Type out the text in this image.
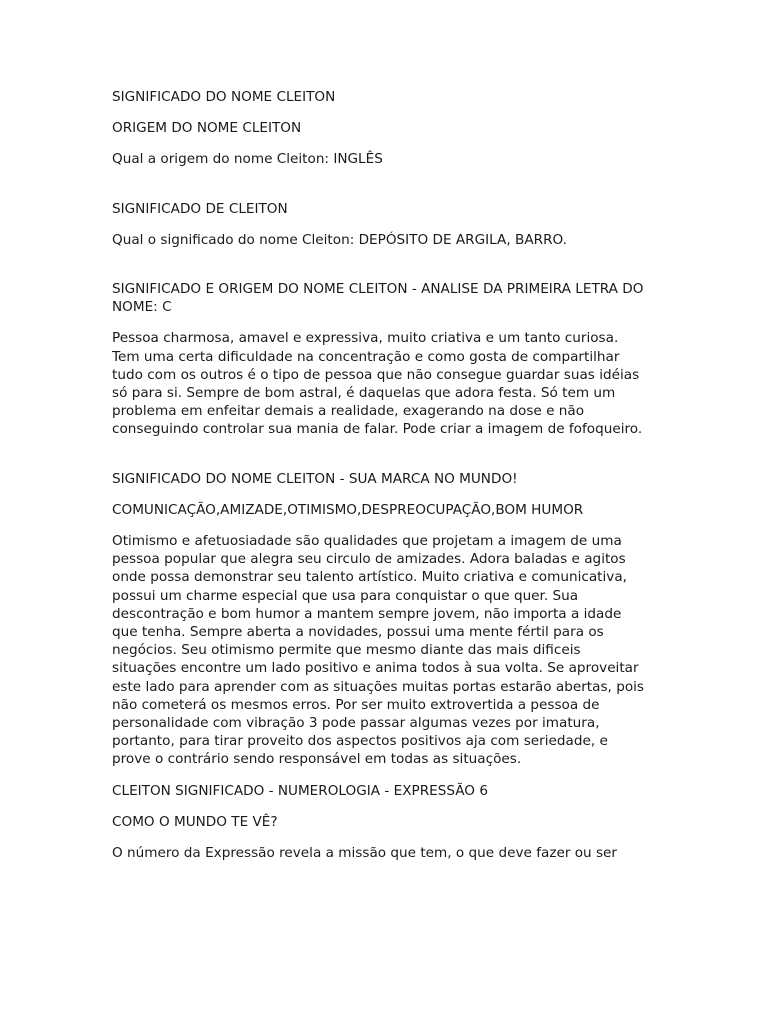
SIGNIFICADO DO NOME CLEITON

ORIGEM DO NOME CLEITON

Qual a origem do nome Cleiton: INGLÊS

SIGNIFICADO DE CLEITON

Qual o significado do nome Cleiton: DEPÓSITO DE ARGILA, BARRO.

SIGNIFICADO E ORIGEM DO NOME CLEITON - ANALISE DA PRIMEIRA LETRA DO
NOME: C

Pessoa charmosa, amavel e expressiva, muito criativa e um tanto curiosa.
Tem uma certa dificuldade na concentração e como gosta de compartilhar
tudo com os outros é o tipo de pessoa que não consegue guardar suas idéias
só para si. Sempre de bom astral, é daquelas que adora festa. Só tem um
problema em enfeitar demais a realidade, exagerando na dose e não
conseguindo controlar sua mania de falar. Pode criar a imagem de fofoqueiro.

SIGNIFICADO DO NOME CLEITON - SUA MARCA NO MUNDO!

COMUNICAÇÃO,AMIZADE,OTIMISMO,DESPREOCUPAÇÃO,BOM HUMOR

Otimismo e afetuosiadade são qualidades que projetam a imagem de uma
pessoa popular que alegra seu circulo de amizades. Adora baladas e agitos
onde possa demonstrar seu talento artístico. Muito criativa e comunicativa,
possui um charme especial que usa para conquistar o que quer. Sua
descontração e bom humor a mantem sempre jovem, não importa a idade
que tenha. Sempre aberta a novidades, possui uma mente fértil para os
negócios. Seu otimismo permite que mesmo diante das mais dificeis
situações encontre um lado positivo e anima todos à sua volta. Se aproveitar
este lado para aprender com as situações muitas portas estarão abertas, pois
não cometerá os mesmos erros. Por ser muito extrovertida a pessoa de
personalidade com vibração 3 pode passar algumas vezes por imatura,
portanto, para tirar proveito dos aspectos positivos aja com seriedade, e
prove o contrário sendo responsável em todas as situações.

CLEITON SIGNIFICADO - NUMEROLOGIA - EXPRESSÃO 6

COMO O MUNDO TE VÊ?

O número da Expressão revela a missão que tem, o que deve fazer ou ser
